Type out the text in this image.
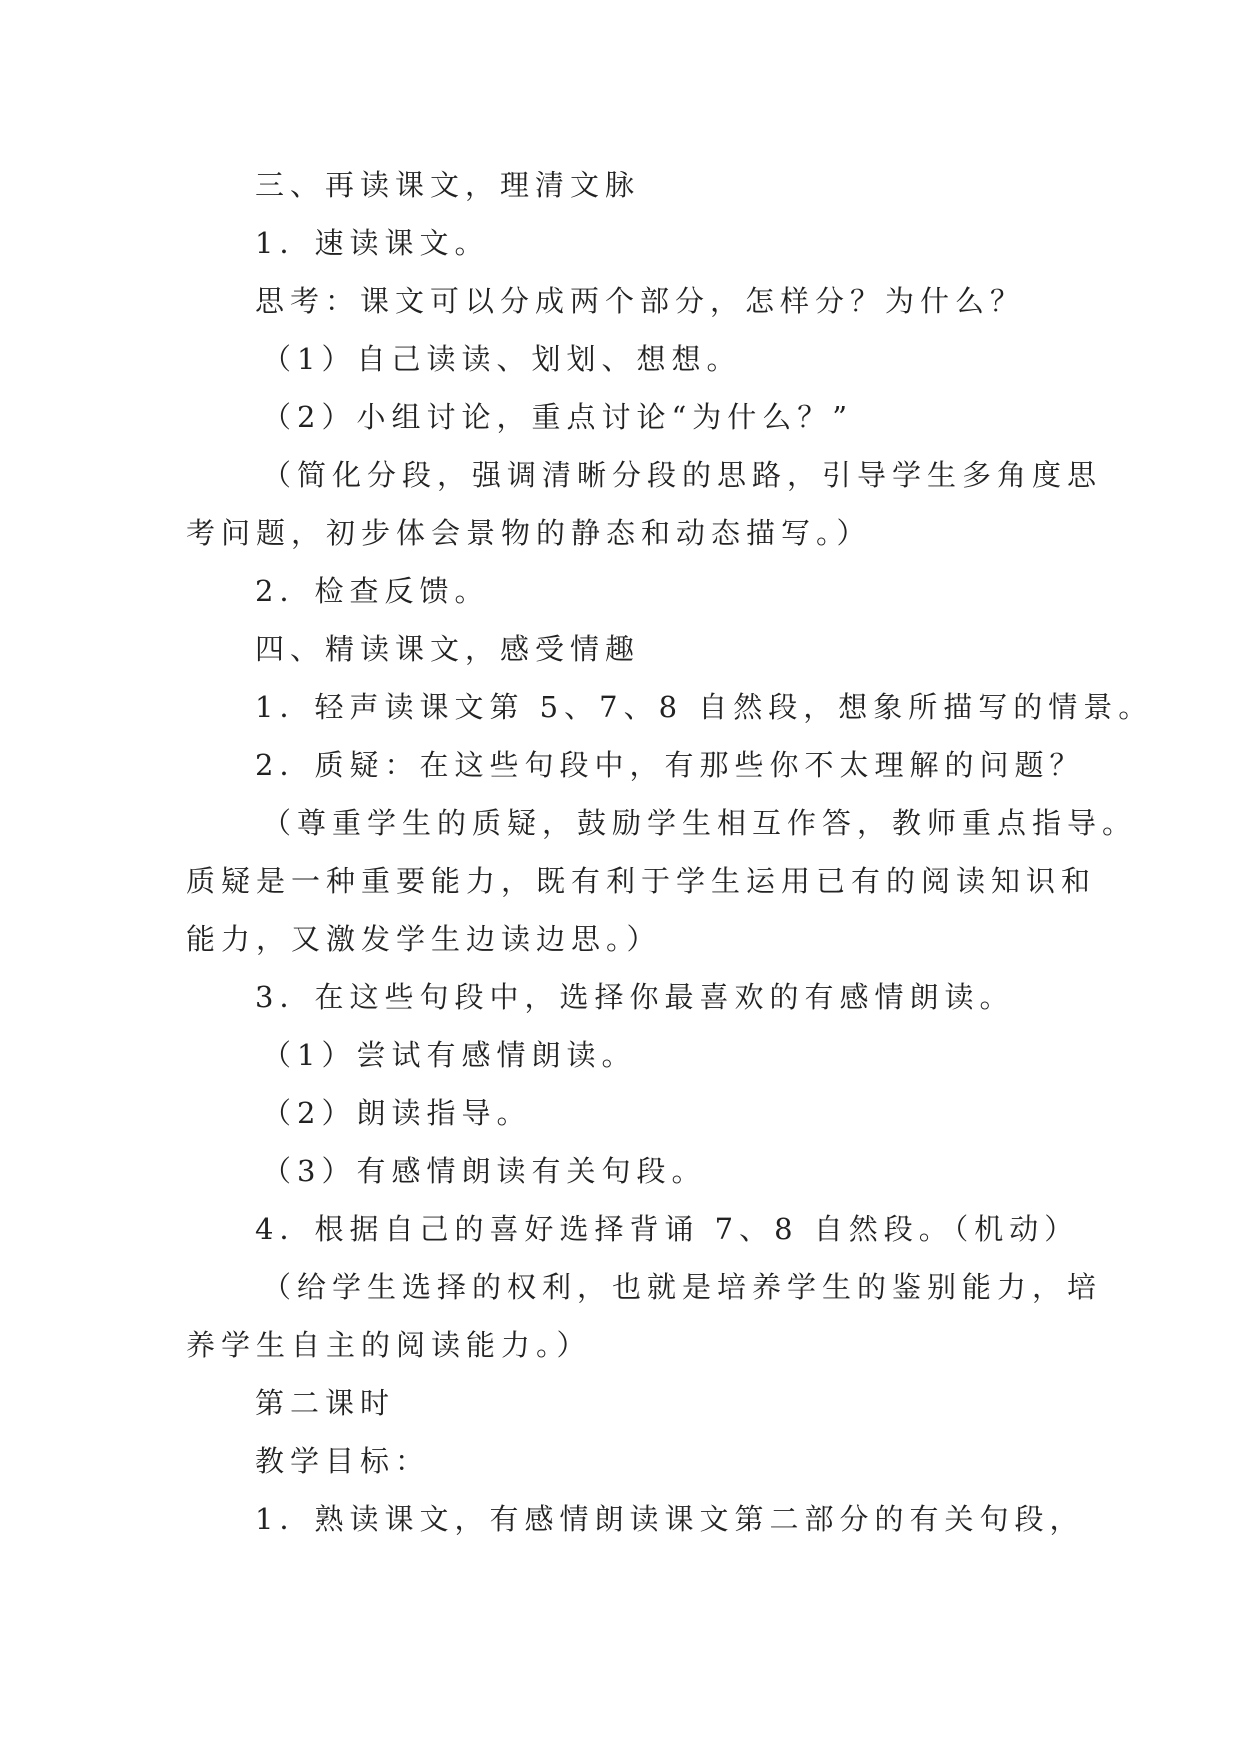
三、再读课文，理清文脉
1．速读课文。
思考：课文可以分成两个部分，怎样分？为什么？
（1）自己读读、划划、想想。
（2）小组讨论，重点讨论“为什么？”
（简化分段，强调清晰分段的思路，引导学生多角度思
考问题，初步体会景物的静态和动态描写。）
2．检查反馈。
四、精读课文，感受情趣
1．轻声读课文第 5、7、8 自然段，想象所描写的情景。
2．质疑：在这些句段中，有那些你不太理解的问题？
（尊重学生的质疑，鼓励学生相互作答，教师重点指导。
质疑是一种重要能力，既有利于学生运用已有的阅读知识和
能力，又激发学生边读边思。）
3．在这些句段中，选择你最喜欢的有感情朗读。
（1）尝试有感情朗读。
（2）朗读指导。
（3）有感情朗读有关句段。
4．根据自己的喜好选择背诵 7、8 自然段。（机动）
（给学生选择的权利，也就是培养学生的鉴别能力，培
养学生自主的阅读能力。）
第二课时
教学目标：
1．熟读课文，有感情朗读课文第二部分的有关句段，
